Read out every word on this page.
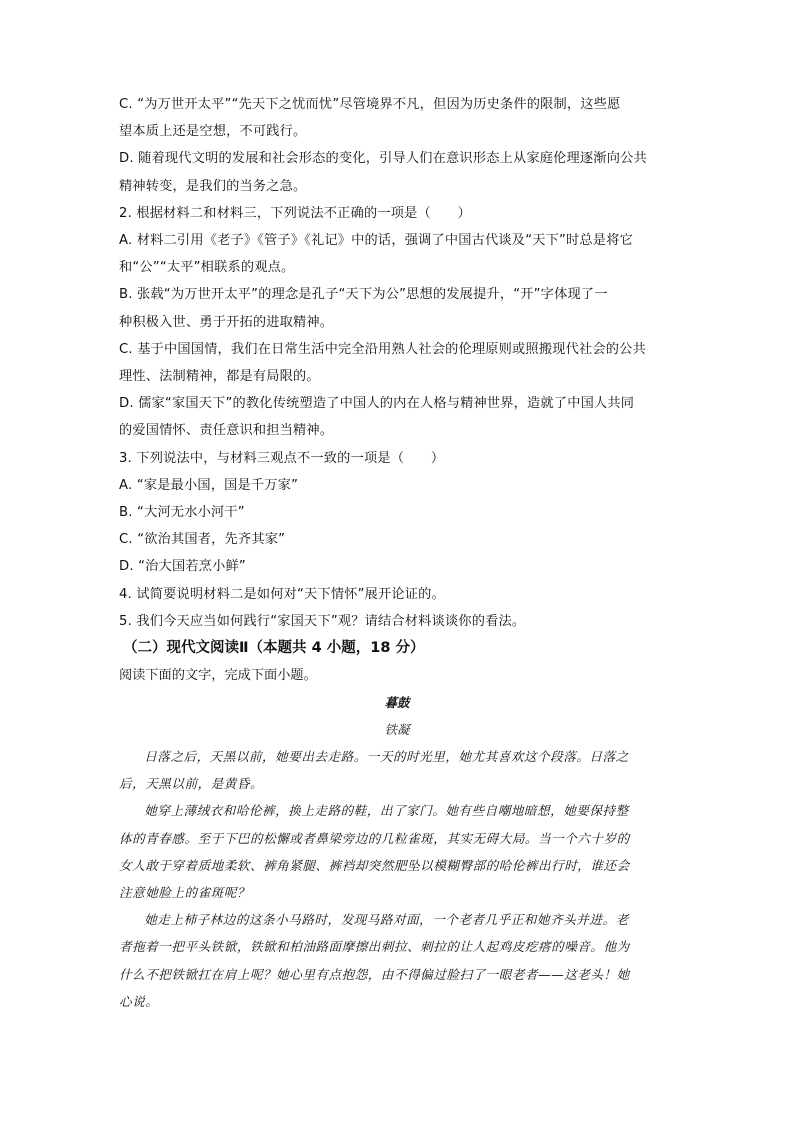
C. “为万世开太平”“先天下之忧而忧”尽管境界不凡，但因为历史条件的限制，这些愿
望本质上还是空想，不可践行。
D. 随着现代文明的发展和社会形态的变化，引导人们在意识形态上从家庭伦理逐渐向公共
精神转变，是我们的当务之急。
2. 根据材料二和材料三，下列说法不正确的一项是（　　）
A. 材料二引用《老子》《管子》《礼记》中的话，强调了中国古代谈及“天下”时总是将它
和“公”“太平”相联系的观点。
B. 张载“为万世开太平”的理念是孔子“天下为公”思想的发展提升，“开”字体现了一
种积极入世、勇于开拓的进取精神。
C. 基于中国国情，我们在日常生活中完全沿用熟人社会的伦理原则或照搬现代社会的公共
理性、法制精神，都是有局限的。
D. 儒家“家国天下”的教化传统塑造了中国人的内在人格与精神世界，造就了中国人共同
的爱国情怀、责任意识和担当精神。
3. 下列说法中，与材料三观点不一致的一项是（　　）
A. “家是最小国，国是千万家”
B. “大河无水小河干”
C. “欲治其国者，先齐其家”
D. “治大国若烹小鲜”
4. 试简要说明材料二是如何对“天下情怀”展开论证的。
5. 我们今天应当如何践行“家国天下”观？请结合材料谈谈你的看法。
（二）现代文阅读Ⅱ（本题共 4 小题，18 分）
阅读下面的文字，完成下面小题。
暮鼓
铁凝

日落之后，天黑以前，她要出去走路。一天的时光里，她尤其喜欢这个段落。日落之
后，天黑以前，是黄昏。

她穿上薄绒衣和哈伦裤，换上走路的鞋，出了家门。她有些自嘲地暗想，她要保持整
体的青春感。至于下巴的松懈或者鼻梁旁边的几粒雀斑，其实无碍大局。当一个六十岁的
女人敢于穿着质地柔软、裤角紧腿、裤裆却突然肥坠以模糊臀部的哈伦裤出行时，谁还会
注意她脸上的雀斑呢？

她走上柿子林边的这条小马路时，发现马路对面，一个老者几乎正和她齐头并进。老
者拖着一把平头铁锨，铁锨和柏油路面摩擦出刺拉、刺拉的让人起鸡皮疙瘩的噪音。他为
什么不把铁锨扛在肩上呢？她心里有点抱怨，由不得偏过脸扫了一眼老者——这老头！她
心说。
